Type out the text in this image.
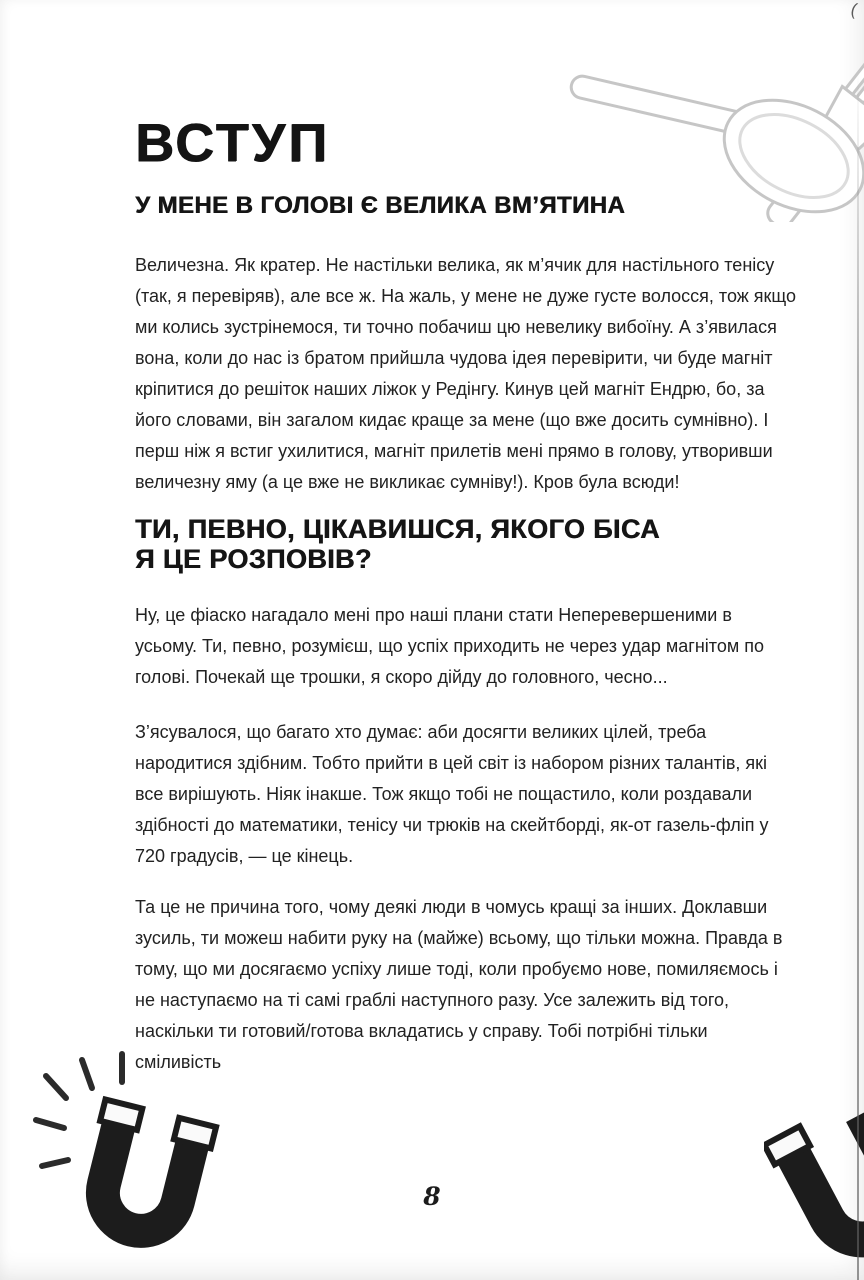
(
ВСТУП
У МЕНЕ В ГОЛОВІ Є ВЕЛИКА ВМ’ЯТИНА

Величезна. Як кратер. Не настільки велика, як м’ячик для настільного тенісу (так, я перевіряв), але все ж. На жаль, у мене не дуже густе волосся, тож якщо ми колись зустрінемося, ти точно побачиш цю невелику вибоїну. А з’явилася вона, коли до нас із братом прийшла чудова ідея перевірити, чи буде магніт кріпитися до решіток наших ліжок у Редінгу. Кинув цей магніт Ендрю, бо, за його словами, він загалом кидає краще за мене (що вже досить сумнівно). І перш ніж я встиг ухилитися, магніт прилетів мені прямо в голову, утворивши величезну яму (а це вже не викликає сумніву!). Кров була всюди!

ТИ, ПЕВНО, ЦІКАВИШСЯ, ЯКОГО БІСА
Я ЦЕ РОЗПОВІВ?

Ну, це фіаско нагадало мені про наші плани стати Неперевершеними в усьому. Ти, певно, розумієш, що успіх приходить не через удар магнітом по голові. Почекай ще трошки, я скоро дійду до головного, чесно...

З’ясувалося, що багато хто думає: аби досягти великих цілей, треба народитися здібним. Тобто прийти в цей світ із набором різних талантів, які все вирішують. Ніяк інакше. Тож якщо тобі не пощастило, коли роздавали здібності до математики, тенісу чи трюків на скейтборді, як-от газель-фліп у 720 градусів, — це кінець.

Та це не причина того, чому деякі люди в чомусь кращі за інших. Доклавши зусиль, ти можеш набити руку на (майже) всьому, що тільки можна. Правда в тому, що ми досягаємо успіху лише тоді, коли пробуємо нове, помиляємось і не наступаємо на ті самі граблі наступного разу. Усе залежить від того, наскільки ти готовий/готова вкладатись у справу. Тобі потрібні тільки сміливість

8
